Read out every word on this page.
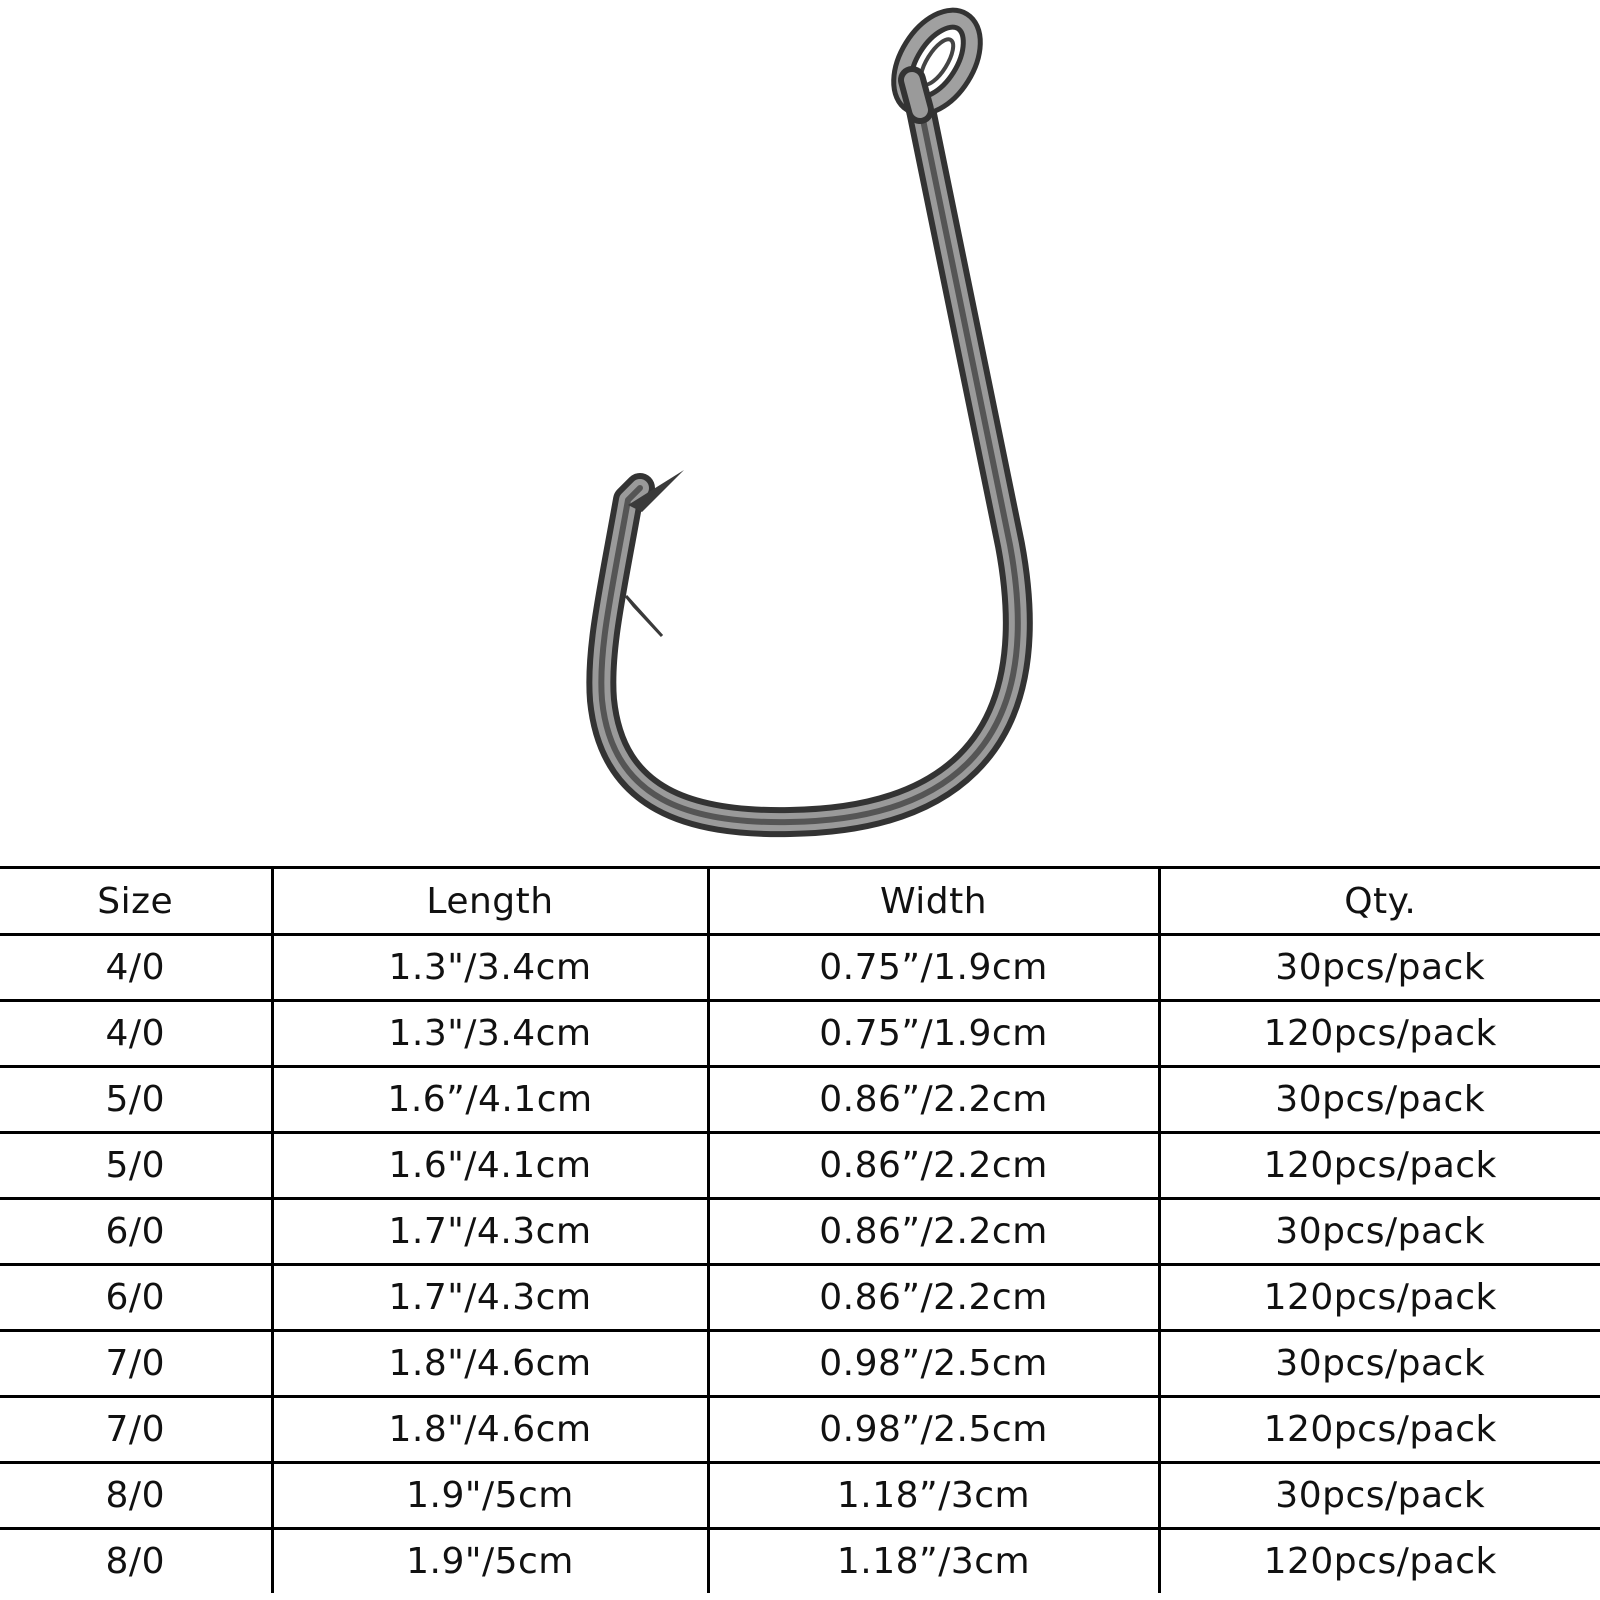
Size	Length	Width	Qty.
4/0	1.3"/3.4cm	0.75”/1.9cm	30pcs/pack
4/0	1.3"/3.4cm	0.75”/1.9cm	120pcs/pack
5/0	1.6”/4.1cm	0.86”/2.2cm	30pcs/pack
5/0	1.6"/4.1cm	0.86”/2.2cm	120pcs/pack
6/0	1.7"/4.3cm	0.86”/2.2cm	30pcs/pack
6/0	1.7"/4.3cm	0.86”/2.2cm	120pcs/pack
7/0	1.8"/4.6cm	0.98”/2.5cm	30pcs/pack
7/0	1.8"/4.6cm	0.98”/2.5cm	120pcs/pack
8/0	1.9"/5cm	1.18”/3cm	30pcs/pack
8/0	1.9"/5cm	1.18”/3cm	120pcs/pack
